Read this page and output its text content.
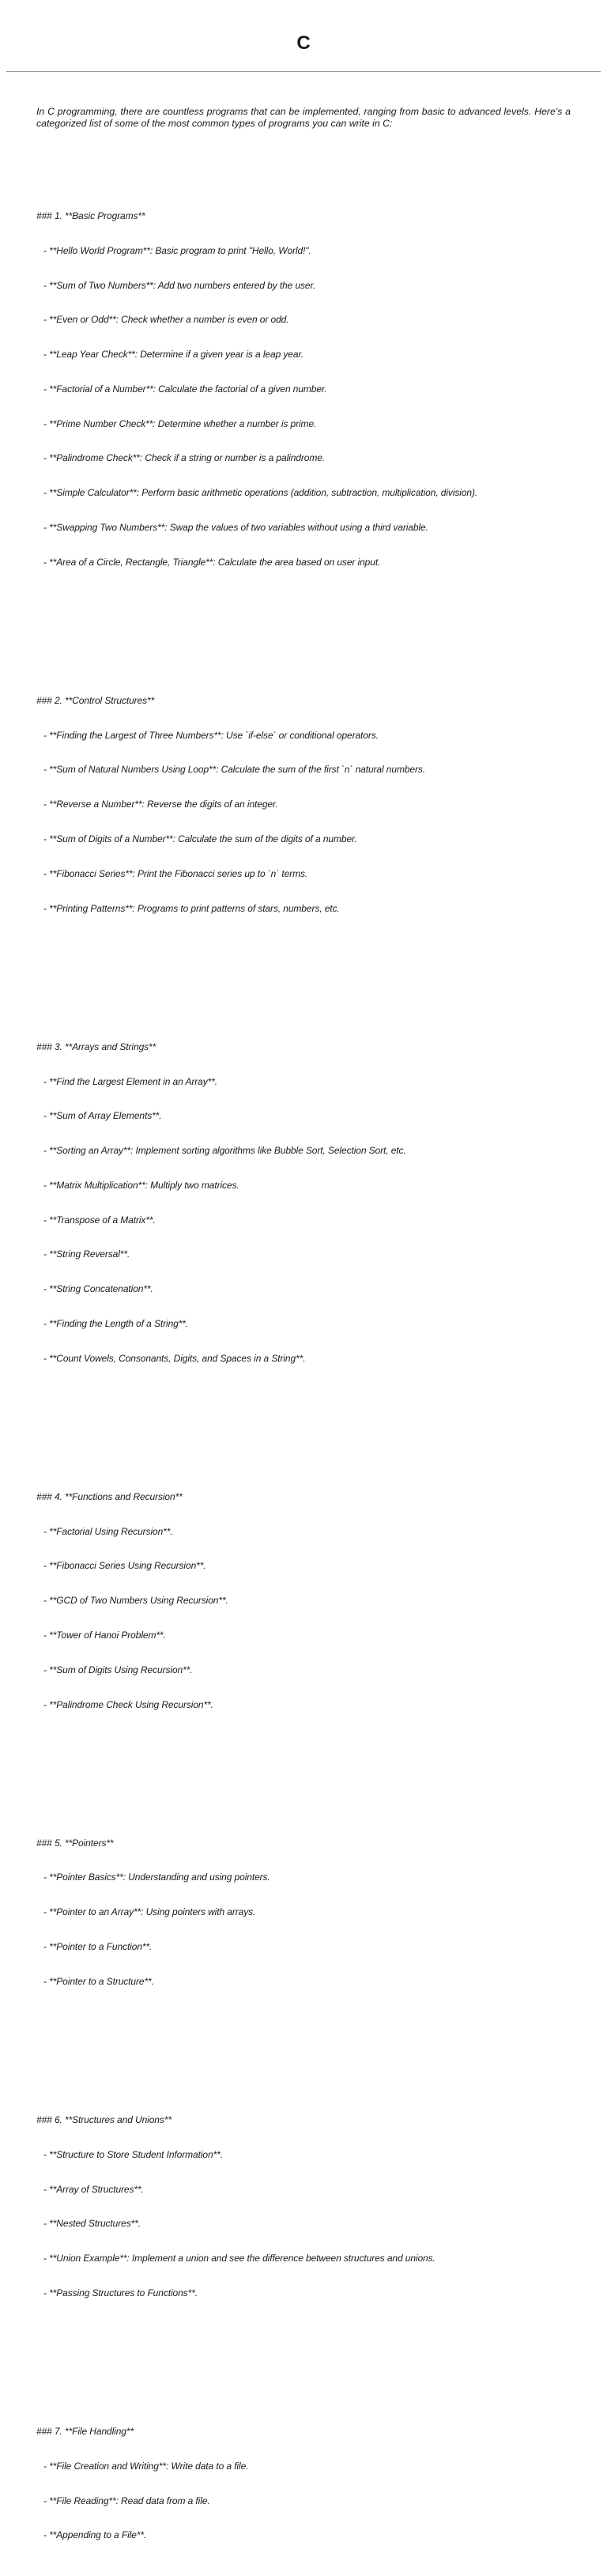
C

In C programming, there are countless programs that can be implemented, ranging from basic to advanced levels. Here's a categorized list of some of the most common types of programs you can write in C:

### 1. **Basic Programs**

- **Hello World Program**: Basic program to print "Hello, World!".

- **Sum of Two Numbers**: Add two numbers entered by the user.

- **Even or Odd**: Check whether a number is even or odd.

- **Leap Year Check**: Determine if a given year is a leap year.

- **Factorial of a Number**: Calculate the factorial of a given number.

- **Prime Number Check**: Determine whether a number is prime.

- **Palindrome Check**: Check if a string or number is a palindrome.

- **Simple Calculator**: Perform basic arithmetic operations (addition, subtraction, multiplication, division).

- **Swapping Two Numbers**: Swap the values of two variables without using a third variable.

- **Area of a Circle, Rectangle, Triangle**: Calculate the area based on user input.

### 2. **Control Structures**

- **Finding the Largest of Three Numbers**: Use `if-else` or conditional operators.

- **Sum of Natural Numbers Using Loop**: Calculate the sum of the first `n` natural numbers.

- **Reverse a Number**: Reverse the digits of an integer.

- **Sum of Digits of a Number**: Calculate the sum of the digits of a number.

- **Fibonacci Series**: Print the Fibonacci series up to `n` terms.

- **Printing Patterns**: Programs to print patterns of stars, numbers, etc.

### 3. **Arrays and Strings**

- **Find the Largest Element in an Array**.

- **Sum of Array Elements**.

- **Sorting an Array**: Implement sorting algorithms like Bubble Sort, Selection Sort, etc.

- **Matrix Multiplication**: Multiply two matrices.

- **Transpose of a Matrix**.

- **String Reversal**.

- **String Concatenation**.

- **Finding the Length of a String**.

- **Count Vowels, Consonants, Digits, and Spaces in a String**.

### 4. **Functions and Recursion**

- **Factorial Using Recursion**.

- **Fibonacci Series Using Recursion**.

- **GCD of Two Numbers Using Recursion**.

- **Tower of Hanoi Problem**.

- **Sum of Digits Using Recursion**.

- **Palindrome Check Using Recursion**.

### 5. **Pointers**

- **Pointer Basics**: Understanding and using pointers.

- **Pointer to an Array**: Using pointers with arrays.

- **Pointer to a Function**.

- **Pointer to a Structure**.

### 6. **Structures and Unions**

- **Structure to Store Student Information**.

- **Array of Structures**.

- **Nested Structures**.

- **Union Example**: Implement a union and see the difference between structures and unions.

- **Passing Structures to Functions**.

### 7. **File Handling**

- **File Creation and Writing**: Write data to a file.

- **File Reading**: Read data from a file.

- **Appending to a File**.
